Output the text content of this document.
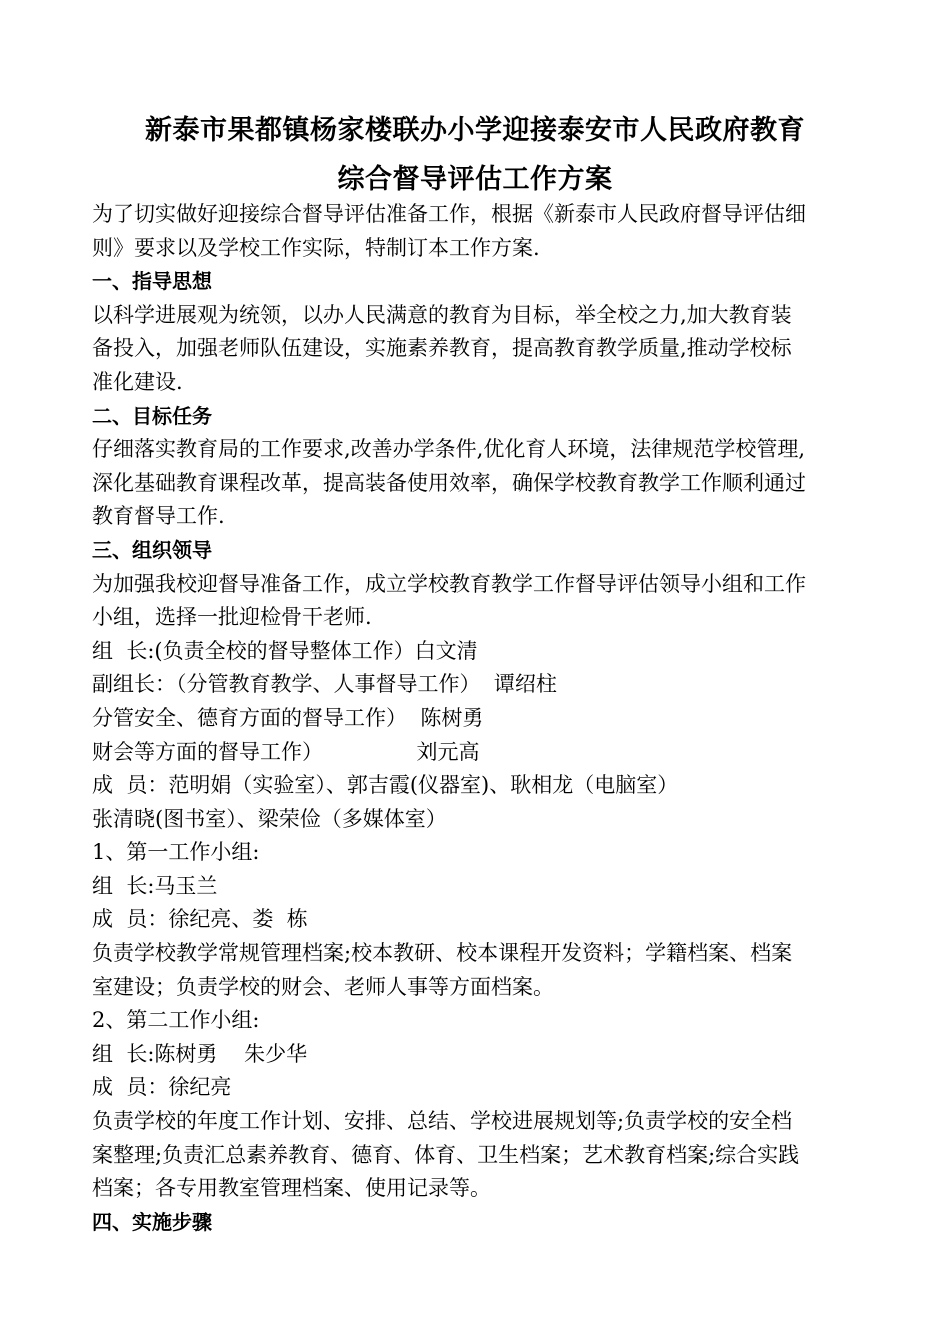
新泰市果都镇杨家楼联办小学迎接泰安市人民政府教育
综合督导评估工作方案
为了切实做好迎接综合督导评估准备工作，根据《新泰市人民政府督导评估细
则》要求以及学校工作实际，特制订本工作方案.
一、指导思想
以科学进展观为统领，以办人民满意的教育为目标，举全校之力,加大教育装
备投入，加强老师队伍建设，实施素养教育，提高教育教学质量,推动学校标
准化建设.
二、目标任务
仔细落实教育局的工作要求,改善办学条件,优化育人环境，法律规范学校管理,
深化基础教育课程改革，提高装备使用效率，确保学校教育教学工作顺利通过
教育督导工作.
三、组织领导
为加强我校迎督导准备工作，成立学校教育教学工作督导评估领导小组和工作
小组，选择一批迎检骨干老师.
组  长:(负责全校的督导整体工作）白文清
副组长：（分管教育教学、人事督导工作）  谭绍柱
分管安全、德育方面的督导工作）  陈树勇
财会等方面的督导工作）              刘元高
成  员：范明娟（实验室）、郭吉霞(仪器室)、耿相龙（电脑室）
张清晓(图书室）、梁荣俭（多媒体室）
1、第一工作小组:
组  长:马玉兰
成  员：徐纪亮、娄  栋
负责学校教学常规管理档案;校本教研、校本课程开发资料；学籍档案、档案
室建设；负责学校的财会、老师人事等方面档案。
2、第二工作小组:
组  长:陈树勇    朱少华
成  员：徐纪亮
负责学校的年度工作计划、安排、总结、学校进展规划等;负责学校的安全档
案整理;负责汇总素养教育、德育、体育、卫生档案；艺术教育档案;综合实践
档案；各专用教室管理档案、使用记录等。
四、实施步骤
